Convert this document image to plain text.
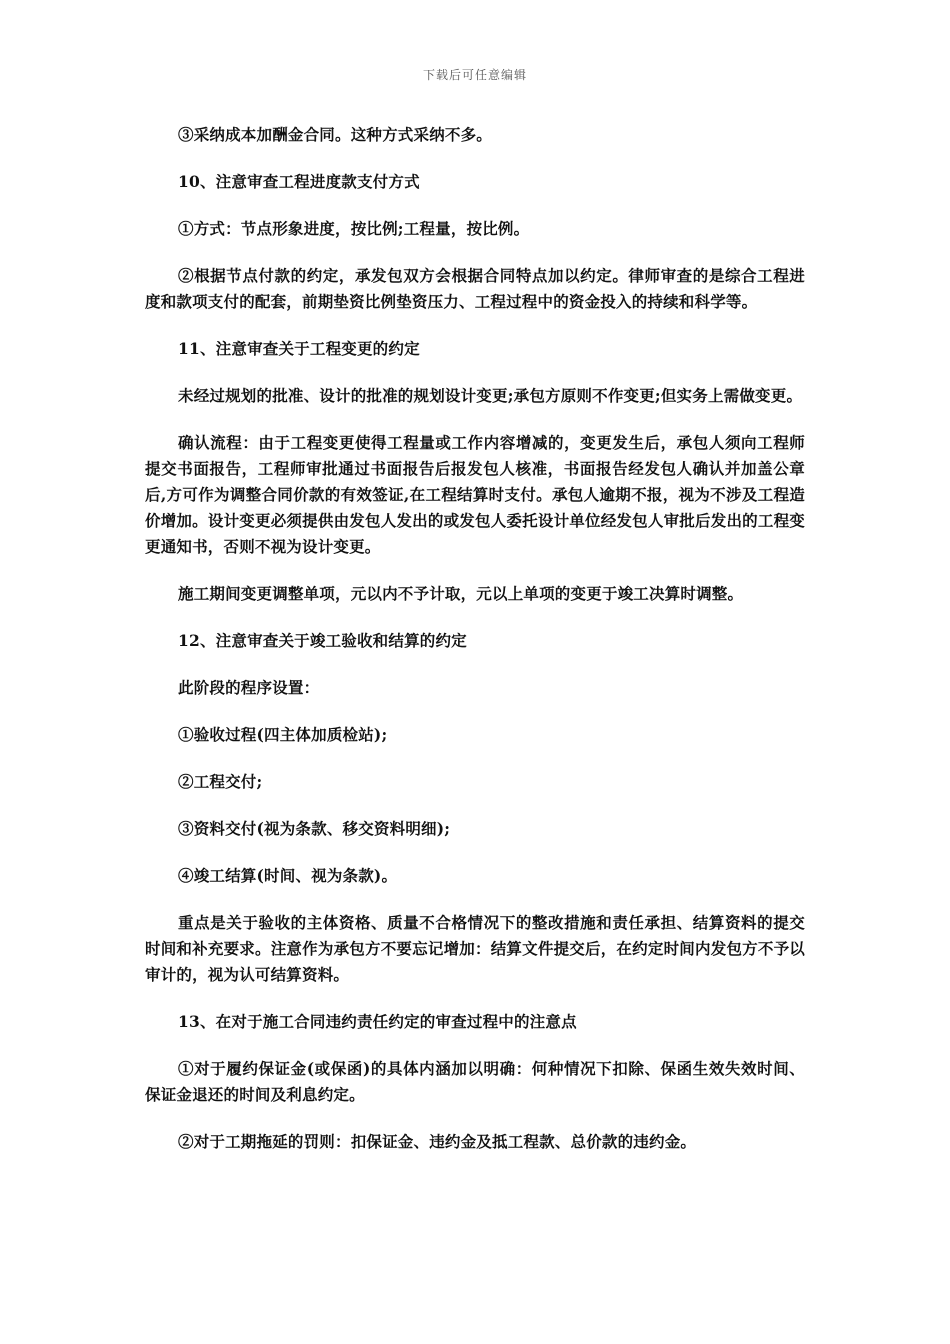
下载后可任意编辑

③采纳成本加酬金合同。这种方式采纳不多。

10、注意审查工程进度款支付方式

①方式：节点形象进度，按比例;工程量，按比例。

②根据节点付款的约定，承发包双方会根据合同特点加以约定。律师审查的是综合工程进度和款项支付的配套，前期垫资比例垫资压力、工程过程中的资金投入的持续和科学等。

11、注意审查关于工程变更的约定

未经过规划的批准、设计的批准的规划设计变更;承包方原则不作变更;但实务上需做变更。

确认流程：由于工程变更使得工程量或工作内容增减的，变更发生后，承包人须向工程师提交书面报告，工程师审批通过书面报告后报发包人核准，书面报告经发包人确认并加盖公章后,方可作为调整合同价款的有效签证,在工程结算时支付。承包人逾期不报，视为不涉及工程造价增加。设计变更必须提供由发包人发出的或发包人委托设计单位经发包人审批后发出的工程变更通知书，否则不视为设计变更。

施工期间变更调整单项，元以内不予计取，元以上单项的变更于竣工决算时调整。

12、注意审查关于竣工验收和结算的约定

此阶段的程序设置：

①验收过程(四主体加质检站);

②工程交付;

③资料交付(视为条款、移交资料明细);

④竣工结算(时间、视为条款)。

重点是关于验收的主体资格、质量不合格情况下的整改措施和责任承担、结算资料的提交时间和补充要求。注意作为承包方不要忘记增加：结算文件提交后，在约定时间内发包方不予以审计的，视为认可结算资料。

13、在对于施工合同违约责任约定的审查过程中的注意点

①对于履约保证金(或保函)的具体内涵加以明确：何种情况下扣除、保函生效失效时间、保证金退还的时间及利息约定。

②对于工期拖延的罚则：扣保证金、违约金及抵工程款、总价款的违约金。
